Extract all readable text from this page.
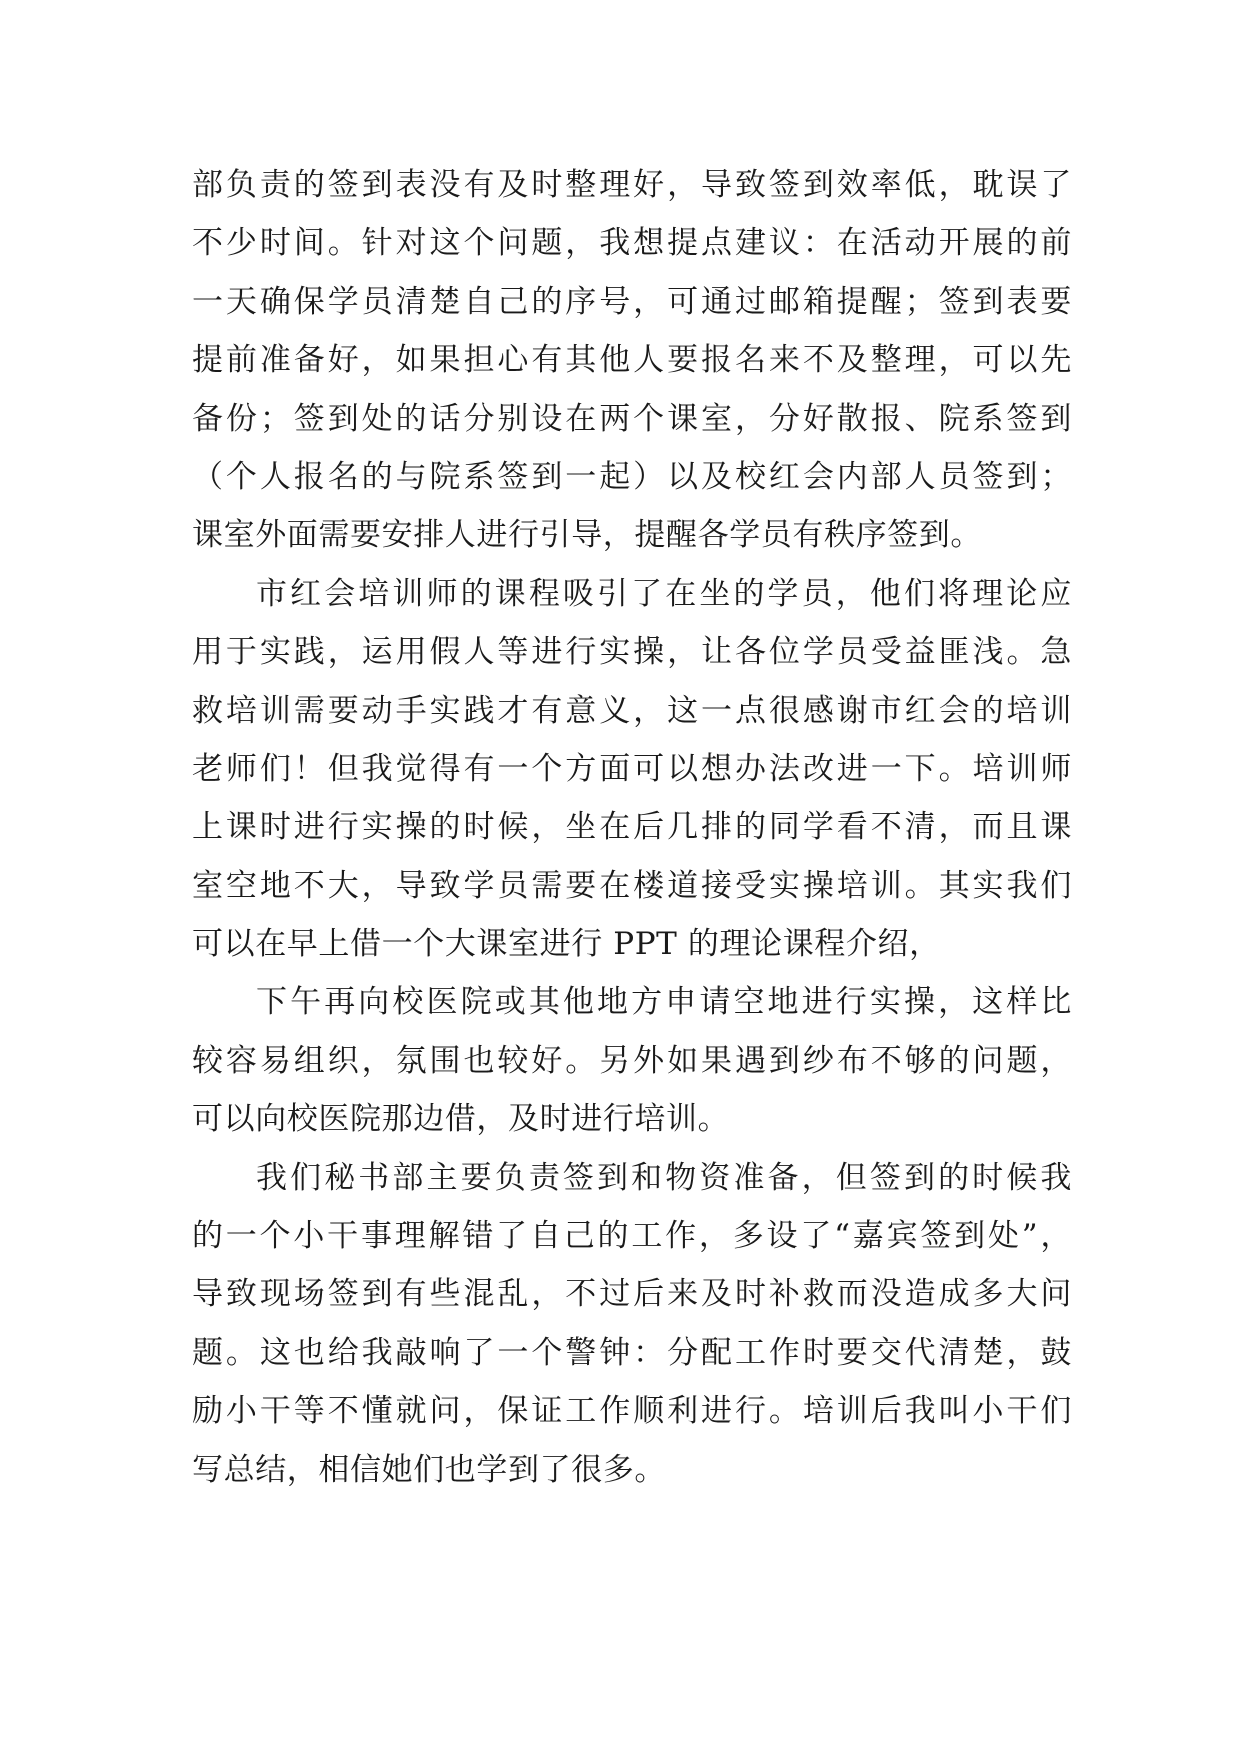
部负责的签到表没有及时整理好，导致签到效率低，耽误了
不少时间。针对这个问题，我想提点建议：在活动开展的前
一天确保学员清楚自己的序号，可通过邮箱提醒；签到表要
提前准备好，如果担心有其他人要报名来不及整理，可以先
备份；签到处的话分别设在两个课室，分好散报、院系签到
（个人报名的与院系签到一起）以及校红会内部人员签到；
课室外面需要安排人进行引导，提醒各学员有秩序签到。
市红会培训师的课程吸引了在坐的学员，他们将理论应
用于实践，运用假人等进行实操，让各位学员受益匪浅。急
救培训需要动手实践才有意义，这一点很感谢市红会的培训
老师们！但我觉得有一个方面可以想办法改进一下。培训师
上课时进行实操的时候，坐在后几排的同学看不清，而且课
室空地不大，导致学员需要在楼道接受实操培训。其实我们
可以在早上借一个大课室进行 PPT 的理论课程介绍，
下午再向校医院或其他地方申请空地进行实操，这样比
较容易组织，氛围也较好。另外如果遇到纱布不够的问题，
可以向校医院那边借，及时进行培训。
我们秘书部主要负责签到和物资准备，但签到的时候我
的一个小干事理解错了自己的工作，多设了“嘉宾签到处”，
导致现场签到有些混乱，不过后来及时补救而没造成多大问
题。这也给我敲响了一个警钟：分配工作时要交代清楚，鼓
励小干等不懂就问，保证工作顺利进行。培训后我叫小干们
写总结，相信她们也学到了很多。
